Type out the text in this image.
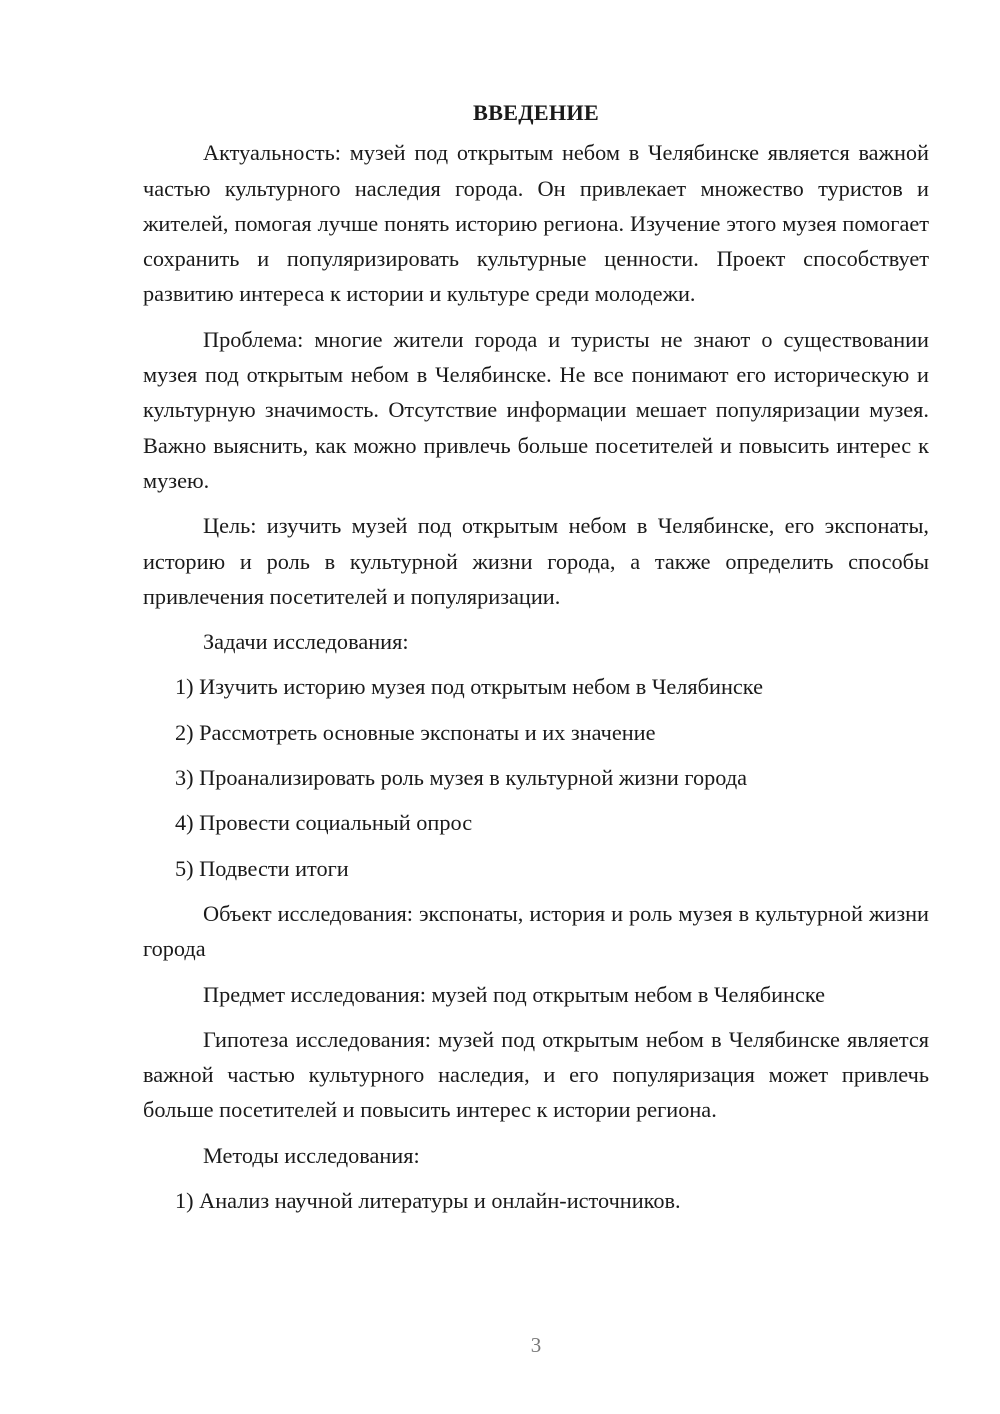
ВВЕДЕНИЕ
Актуальность: музей под открытым небом в Челябинске является важной частью культурного наследия города. Он привлекает множество туристов и жителей, помогая лучше понять историю региона. Изучение этого музея помогает сохранить и популяризировать культурные ценности. Проект способствует развитию интереса к истории и культуре среди молодежи.
Проблема: многие жители города и туристы не знают о существовании музея под открытым небом в Челябинске. Не все понимают его историческую и культурную значимость. Отсутствие информации мешает популяризации музея. Важно выяснить, как можно привлечь больше посетителей и повысить интерес к музею.
Цель: изучить музей под открытым небом в Челябинске, его экспонаты, историю и роль в культурной жизни города, а также определить способы привлечения посетителей и популяризации.
Задачи исследования:
1) Изучить историю музея под открытым небом в Челябинске
2) Рассмотреть основные экспонаты и их значение
3) Проанализировать роль музея в культурной жизни города
4) Провести социальный опрос
5) Подвести итоги
Объект исследования: экспонаты, история и роль музея в культурной жизни города
Предмет исследования: музей под открытым небом в Челябинске
Гипотеза исследования: музей под открытым небом в Челябинске является важной частью культурного наследия, и его популяризация может привлечь больше посетителей и повысить интерес к истории региона.
Методы исследования:
1) Анализ научной литературы и онлайн-источников.
3
